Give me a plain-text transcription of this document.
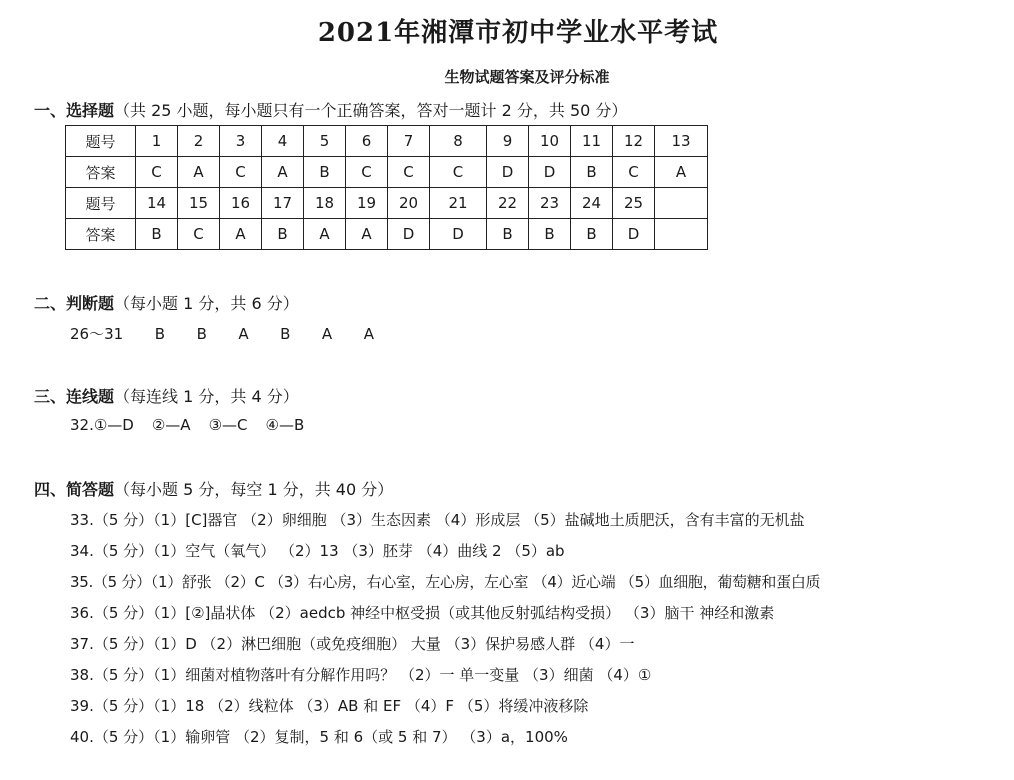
2021年湘潭市初中学业水平考试
生物试题答案及评分标准
一、选择题（共 25 小题，每小题只有一个正确答案，答对一题计 2 分，共 50 分）
题号	1	2	3	4	5	6	7	8	9	10	11	12	13
答案	C	A	C	A	B	C	C	C	D	D	B	C	A
题号	14	15	16	17	18	19	20	21	22	23	24	25	
答案	B	C	A	B	A	A	D	D	B	B	B	D	
二、判断题（每小题 1 分，共 6 分）
26～31 B B A B A A
三、连线题（每连线 1 分，共 4 分）
32.①—D ②—A ③—C ④—B
四、简答题（每小题 5 分，每空 1 分，共 40 分）
33.（5 分）（1）[C]器官 （2）卵细胞 （3）生态因素 （4）形成层 （5）盐碱地土质肥沃，含有丰富的无机盐
34.（5 分）（1）空气（氧气） （2）13 （3）胚芽 （4）曲线 2 （5）ab
35.（5 分）（1）舒张 （2）C （3）右心房，右心室，左心房，左心室 （4）近心端 （5）血细胞，葡萄糖和蛋白质
36.（5 分）（1）[②]晶状体 （2）aedcb 神经中枢受损（或其他反射弧结构受损） （3）脑干 神经和激素
37.（5 分）（1）D （2）淋巴细胞（或免疫细胞） 大量 （3）保护易感人群 （4）一
38.（5 分）（1）细菌对植物落叶有分解作用吗？ （2）一 单一变量 （3）细菌 （4）①
39.（5 分）（1）18 （2）线粒体 （3）AB 和 EF （4）F （5）将缓冲液移除
40.（5 分）（1）输卵管 （2）复制，5 和 6（或 5 和 7） （3）a，100%
